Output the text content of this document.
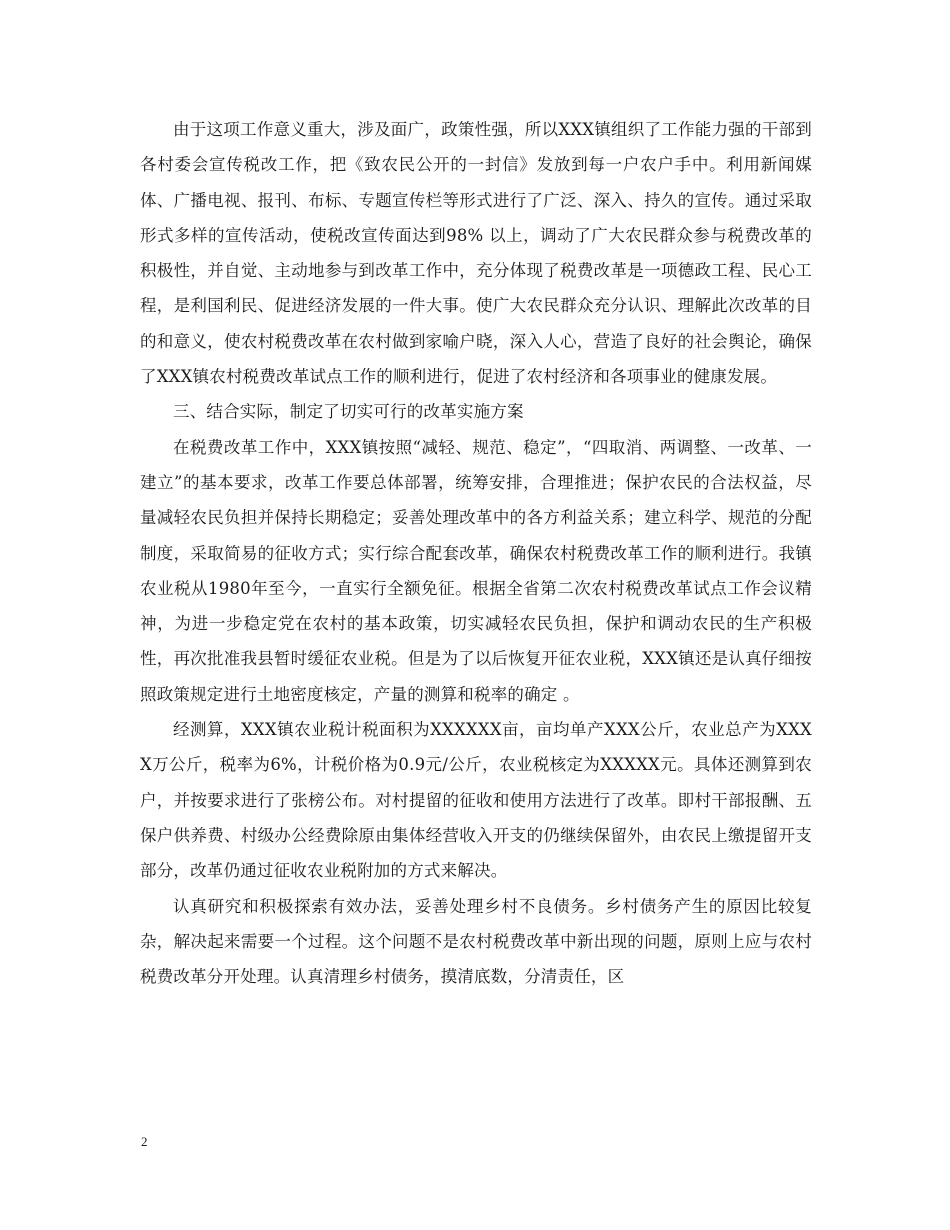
由于这项工作意义重大，涉及面广，政策性强，所以XXX镇组织了工作能力强的干部到各村委会宣传税改工作，把《致农民公开的一封信》发放到每一户农户手中。利用新闻媒体、广播电视、报刊、布标、专题宣传栏等形式进行了广泛、深入、持久的宣传。通过采取形式多样的宣传活动，使税改宣传面达到98% 以上，调动了广大农民群众参与税费改革的积极性，并自觉、主动地参与到改革工作中，充分体现了税费改革是一项德政工程、民心工程，是利国利民、促进经济发展的一件大事。使广大农民群众充分认识、理解此次改革的目的和意义，使农村税费改革在农村做到家喻户晓，深入人心，营造了良好的社会舆论，确保了XXX镇农村税费改革试点工作的顺利进行，促进了农村经济和各项事业的健康发展。

三、结合实际，制定了切实可行的改革实施方案

在税费改革工作中，XXX镇按照“减轻、规范、稳定”，“四取消、两调整、一改革、一建立”的基本要求，改革工作要总体部署，统筹安排，合理推进；保护农民的合法权益，尽量减轻农民负担并保持长期稳定；妥善处理改革中的各方利益关系；建立科学、规范的分配制度，采取简易的征收方式；实行综合配套改革，确保农村税费改革工作的顺利进行。我镇农业税从1980年至今，一直实行全额免征。根据全省第二次农村税费改革试点工作会议精神，为进一步稳定党在农村的基本政策，切实减轻农民负担，保护和调动农民的生产积极性，再次批准我县暂时缓征农业税。但是为了以后恢复开征农业税，XXX镇还是认真仔细按照政策规定进行土地密度核定，产量的测算和税率的确定 。

经测算，XXX镇农业税计税面积为XXXXXX亩，亩均单产XXX公斤，农业总产为XXXX万公斤，税率为6%，计税价格为0.9元/公斤，农业税核定为XXXXX元。具体还测算到农户，并按要求进行了张榜公布。对村提留的征收和使用方法进行了改革。即村干部报酬、五保户供养费、村级办公经费除原由集体经营收入开支的仍继续保留外，由农民上缴提留开支部分，改革仍通过征收农业税附加的方式来解决。

认真研究和积极探索有效办法，妥善处理乡村不良债务。乡村债务产生的原因比较复杂，解决起来需要一个过程。这个问题不是农村税费改革中新出现的问题，原则上应与农村税费改革分开处理。认真清理乡村债务，摸清底数，分清责任，区

2
